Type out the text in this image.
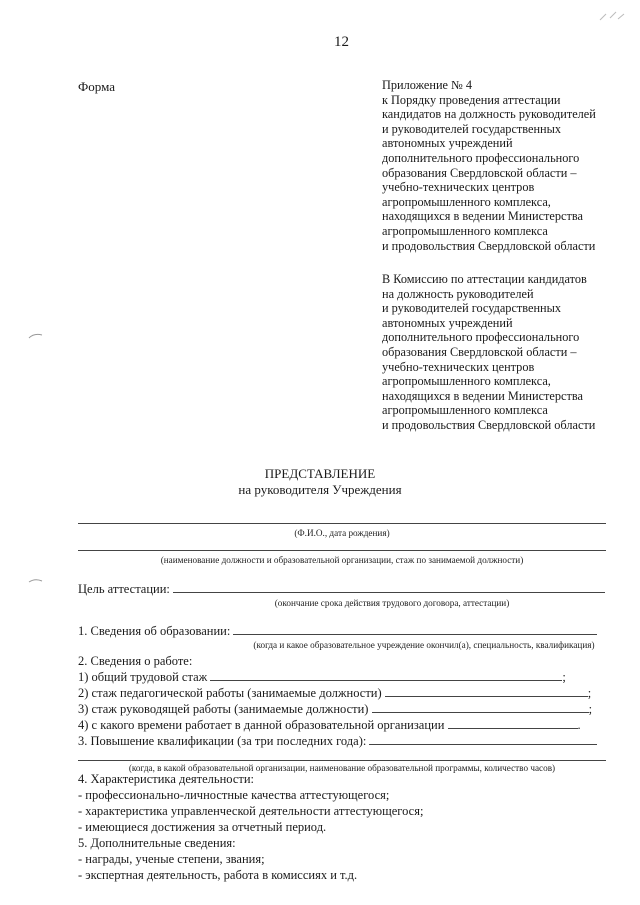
12
Форма	Приложение № 4
к Порядку проведения аттестации
кандидатов на должность руководителей
и руководителей государственных
автономных учреждений
дополнительного профессионального
образования Свердловской области –
учебно-технических центров
агропромышленного комплекса,
находящихся в ведении Министерства
агропромышленного комплекса
и продовольствия Свердловской области
В Комиссию по аттестации кандидатов
на должность руководителей
и руководителей государственных
автономных учреждений
дополнительного профессионального
образования Свердловской области –
учебно-технических центров
агропромышленного комплекса,
находящихся в ведении Министерства
агропромышленного комплекса
и продовольствия Свердловской области
ПРЕДСТАВЛЕНИЕ
на руководителя Учреждения
(Ф.И.О., дата рождения)
(наименование должности и образовательной организации, стаж по занимаемой должности)
Цель аттестации:
(окончание срока действия трудового договора, аттестации)
1. Сведения об образовании:
(когда и какое образовательное учреждение окончил(а), специальность, квалификация)
2. Сведения о работе:
1) общий трудовой стаж	;
2) стаж педагогической работы (занимаемые должности)	;
3) стаж руководящей работы (занимаемые должности)	;
4) с какого времени работает в данной образовательной организации	.
3. Повышение квалификации (за три последних года):
(когда, в какой образовательной организации, наименование образовательной программы, количество часов)
4. Характеристика деятельности:
- профессионально-личностные качества аттестующегося;
- характеристика управленческой деятельности аттестующегося;
- имеющиеся достижения за отчетный период.
5. Дополнительные сведения:
- награды, ученые степени, звания;
- экспертная деятельность, работа в комиссиях и т.д.
